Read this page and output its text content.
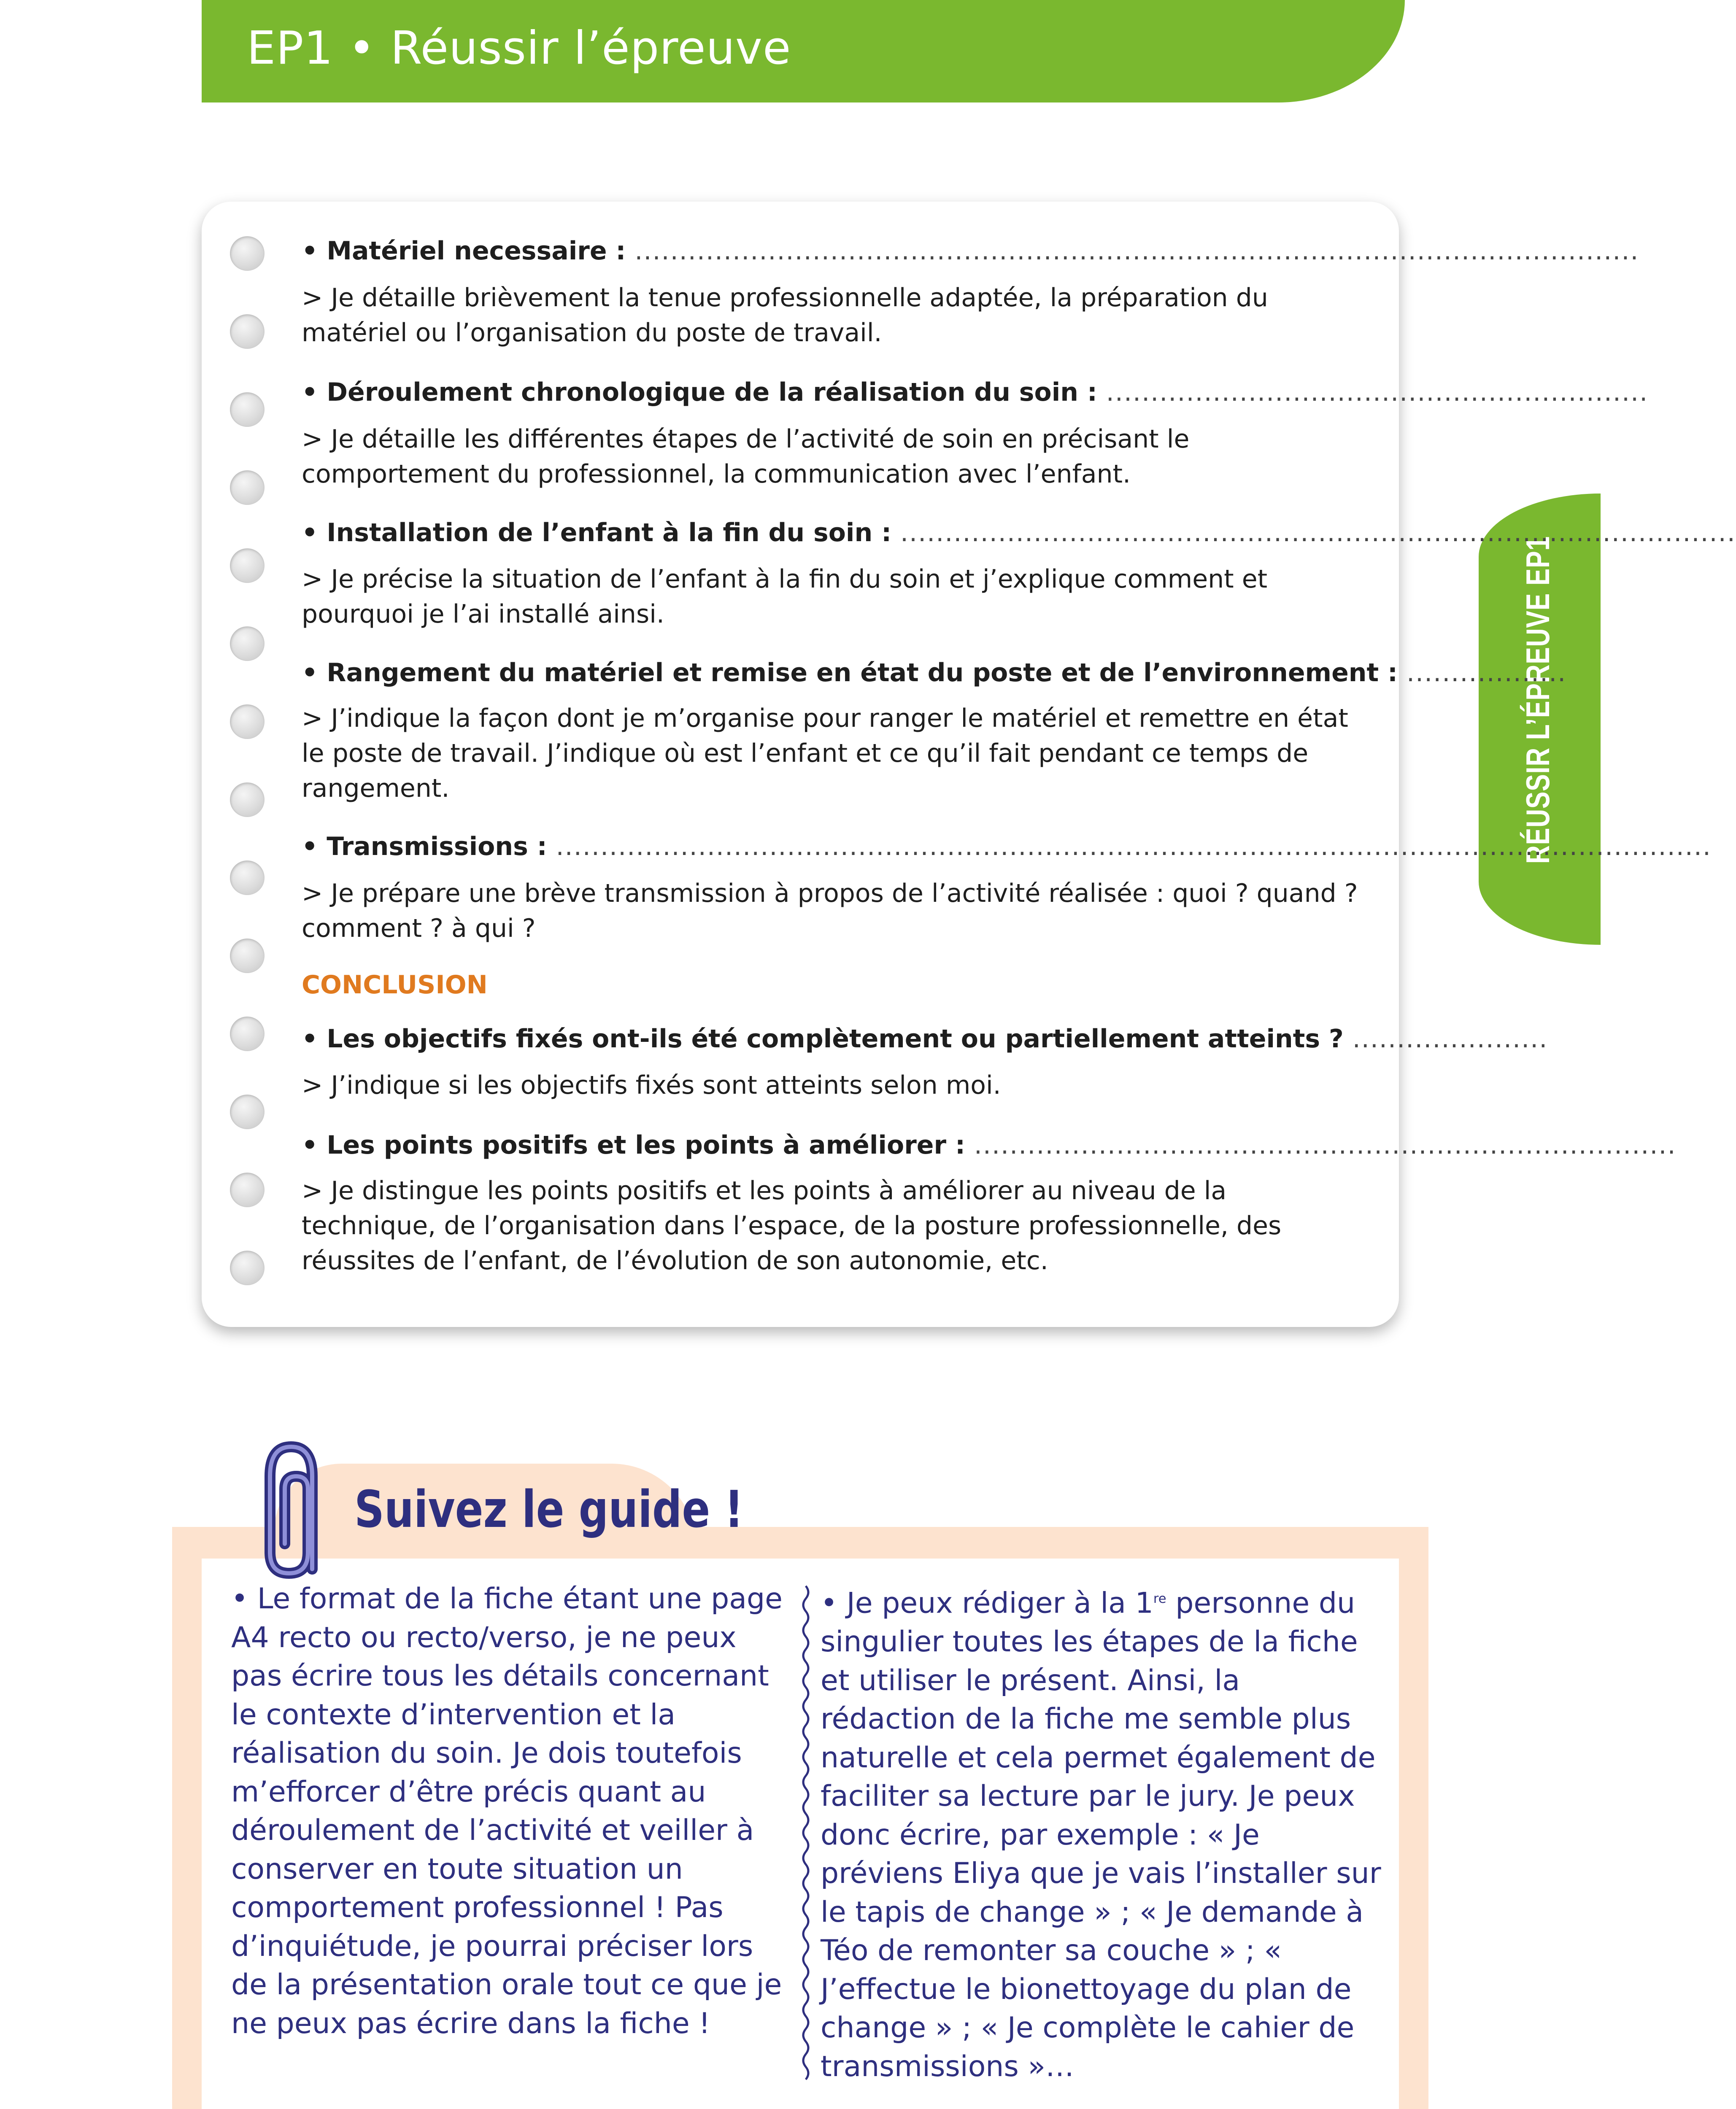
EP1 • Réussir l’épreuve
RÉUSSIR L’ÉPREUVE EP1
• Matériel necessaire : .................................................................................................................
> Je détaille brièvement la tenue professionnelle adaptée, la préparation du matériel ou l’organisation du poste de travail.
• Déroulement chronologique de la réalisation du soin : .............................................................
> Je détaille les différentes étapes de l’activité de soin en précisant le comportement du professionnel, la communication avec l’enfant.
• Installation de l’enfant à la fin du soin : ..............................................................................................
> Je précise la situation de l’enfant à la fin du soin et j’explique comment et pourquoi je l’ai installé ainsi.
• Rangement du matériel et remise en état du poste et de l’environnement : ..................
> J’indique la façon dont je m’organise pour ranger le matériel et remettre en état le poste de travail. J’indique où est l’enfant et ce qu’il fait pendant ce temps de rangement.
• Transmissions : ..................................................................................................................................
> Je prépare une brève transmission à propos de l’activité réalisée : quoi ? quand ? comment ? à qui ?
CONCLUSION
• Les objectifs fixés ont-ils été complètement ou partiellement atteints ? ......................
> J’indique si les objectifs fixés sont atteints selon moi.
• Les points positifs et les points à améliorer : ...............................................................................
> Je distingue les points positifs et les points à améliorer au niveau de la technique, de l’organisation dans l’espace, de la posture professionnelle, des réussites de l’enfant, de l’évolution de son autonomie, etc.
Suivez le guide !
• Le format de la fiche étant une page A4 recto ou recto/verso, je ne peux pas écrire tous les détails concernant le contexte d’intervention et la réalisation du soin. Je dois toutefois m’efforcer d’être précis quant au déroulement de l’activité et veiller à conserver en toute situation un comportement professionnel ! Pas d’inquiétude, je pourrai préciser lors de la présentation orale tout ce que je ne peux pas écrire dans la fiche !
• Je peux rédiger à la 1re personne du singulier toutes les étapes de la fiche et utiliser le présent. Ainsi, la rédaction de la fiche me semble plus naturelle et cela permet également de faciliter sa lecture par le jury. Je peux donc écrire, par exemple : « Je préviens Eliya que je vais l’installer sur le tapis de change » ; « Je demande à Téo de remonter sa couche » ; « J’effectue le bionettoyage du plan de change » ; « Je complète le cahier de transmissions »…
